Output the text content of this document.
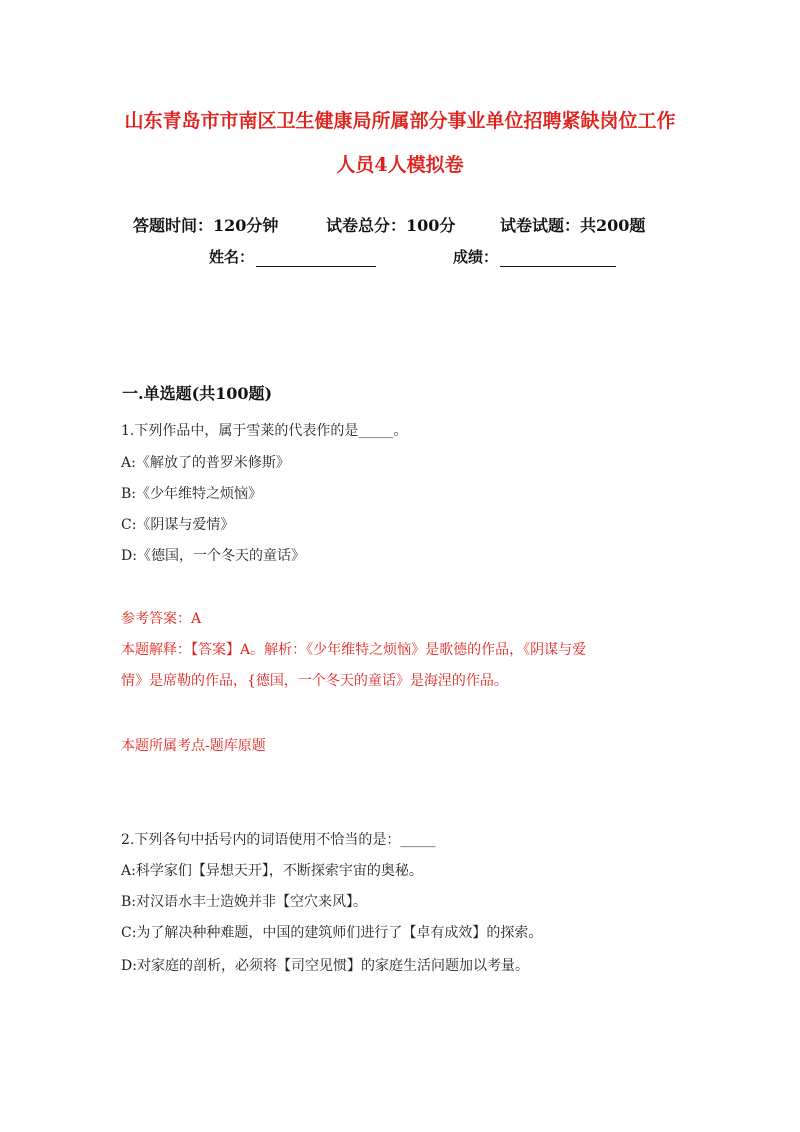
山东青岛市市南区卫生健康局所属部分事业单位招聘紧缺岗位工作
人员4人模拟卷
答题时间：120分钟	试卷总分：100分	试卷试题：共200题
姓名：	成绩：
一.单选题(共100题)
1.下列作品中，属于雪莱的代表作的是_____。
A:《解放了的普罗米修斯》
B:《少年维特之烦恼》
C:《阴谋与爱情》
D:《德国，一个冬天的童话》
参考答案：A
本题解释：【答案】A。解析：《少年维特之烦恼》是歌德的作品，《阴谋与爱
情》是席勒的作品，{德国，一个冬天的童话》是海涅的作品。
本题所属考点-题库原题
2.下列各句中括号内的词语使用不恰当的是：_____
A:科学家们【异想天开】，不断探索宇宙的奥秘。
B:对汉语水丰士造娩并非【空穴来风】。
C:为了解决种种难题，中国的建筑师们进行了【卓有成效】的探索。
D:对家庭的剖析，必须将【司空见惯】的家庭生活问题加以考量。
